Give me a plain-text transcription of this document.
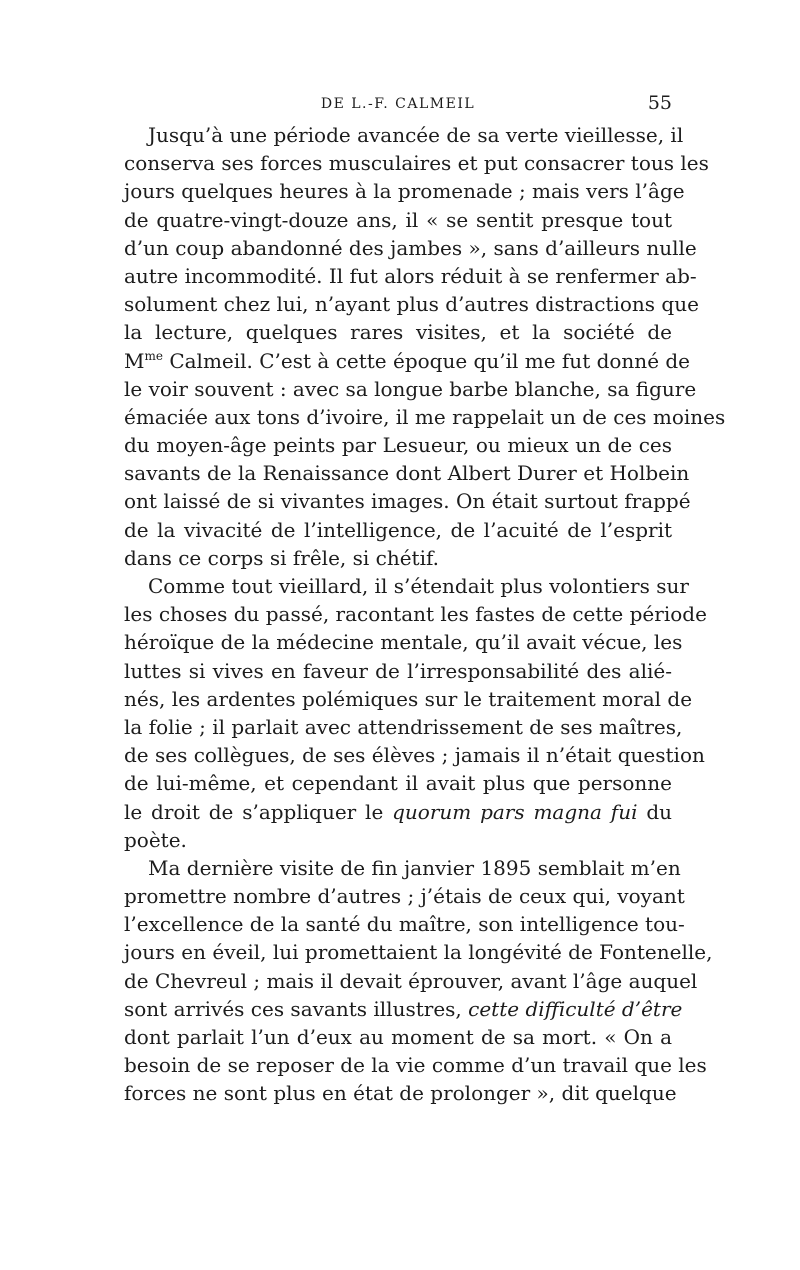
DE L.-F. CALMEIL	55
Jusqu’à une période avancée de sa verte vieillesse, il
conserva ses forces musculaires et put consacrer tous les
jours quelques heures à la promenade ; mais vers l’âge
de quatre-vingt-douze ans, il « se sentit presque tout
d’un coup abandonné des jambes », sans d’ailleurs nulle
autre incommodité. Il fut alors réduit à se renfermer ab-
solument chez lui, n’ayant plus d’autres distractions que
la lecture, quelques rares visites, et la société de
$M^{me}$ Calmeil. C’est à cette époque qu’il me fut donné de
le voir souvent : avec sa longue barbe blanche, sa figure
émaciée aux tons d’ivoire, il me rappelait un de ces moines
du moyen-âge peints par Lesueur, ou mieux un de ces
savants de la Renaissance dont Albert Durer et Holbein
ont laissé de si vivantes images. On était surtout frappé
de la vivacité de l’intelligence, de l’acuité de l’esprit
dans ce corps si frêle, si chétif.
Comme tout vieillard, il s’étendait plus volontiers sur
les choses du passé, racontant les fastes de cette période
héroïque de la médecine mentale, qu’il avait vécue, les
luttes si vives en faveur de l’irresponsabilité des alié-
nés, les ardentes polémiques sur le traitement moral de
la folie ; il parlait avec attendrissement de ses maîtres,
de ses collègues, de ses élèves ; jamais il n’était question
de lui-même, et cependant il avait plus que personne
le droit de s’appliquer le quorum pars magna fui du
poète.
Ma dernière visite de fin janvier 1895 semblait m’en
promettre nombre d’autres ; j’étais de ceux qui, voyant
l’excellence de la santé du maître, son intelligence tou-
jours en éveil, lui promettaient la longévité de Fontenelle,
de Chevreul ; mais il devait éprouver, avant l’âge auquel
sont arrivés ces savants illustres, cette difficulté d’être
dont parlait l’un d’eux au moment de sa mort. « On a
besoin de se reposer de la vie comme d’un travail que les
forces ne sont plus en état de prolonger », dit quelque
